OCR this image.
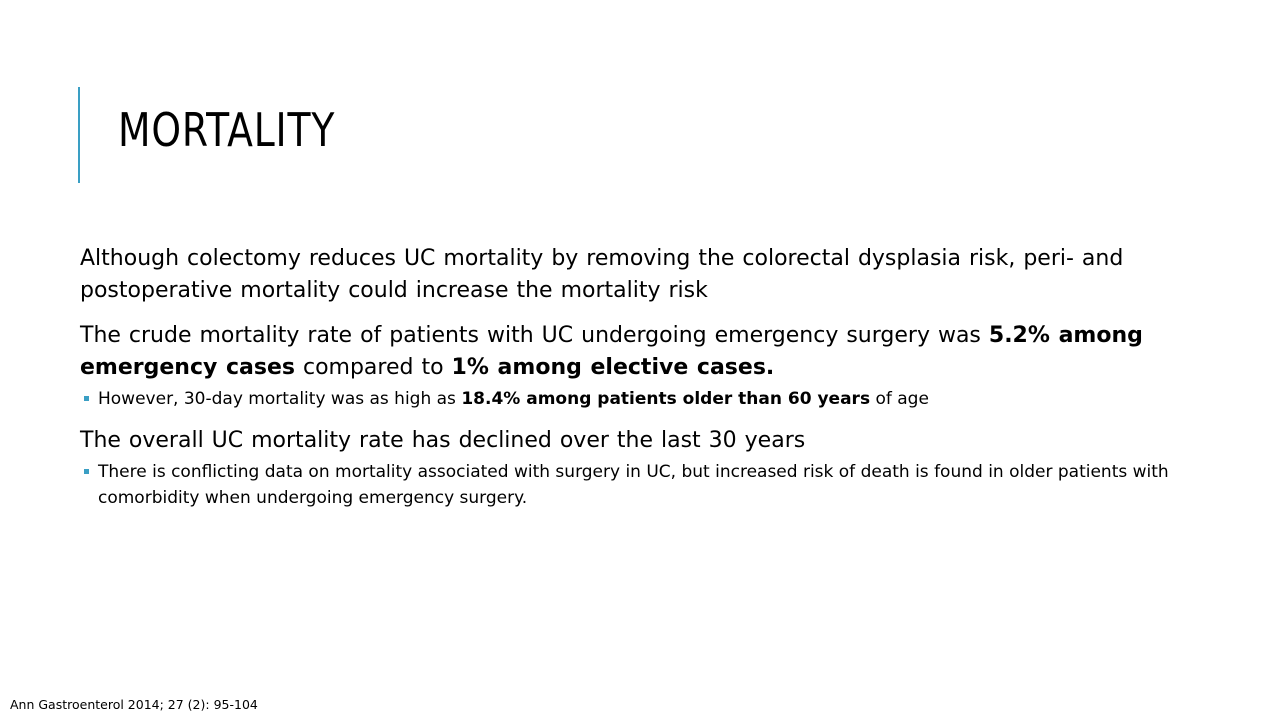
MORTALITY

Although colectomy reduces UC mortality by removing the colorectal dysplasia risk, peri- and postoperative mortality could increase the mortality risk

The crude mortality rate of patients with UC undergoing emergency surgery was 5.2% among emergency cases compared to 1% among elective cases.

However, 30-day mortality was as high as 18.4% among patients older than 60 years of age

The overall UC mortality rate has declined over the last 30 years

There is conflicting data on mortality associated with surgery in UC, but increased risk of death is found in older patients with comorbidity when undergoing emergency surgery.

Ann Gastroenterol 2014; 27 (2): 95-104
